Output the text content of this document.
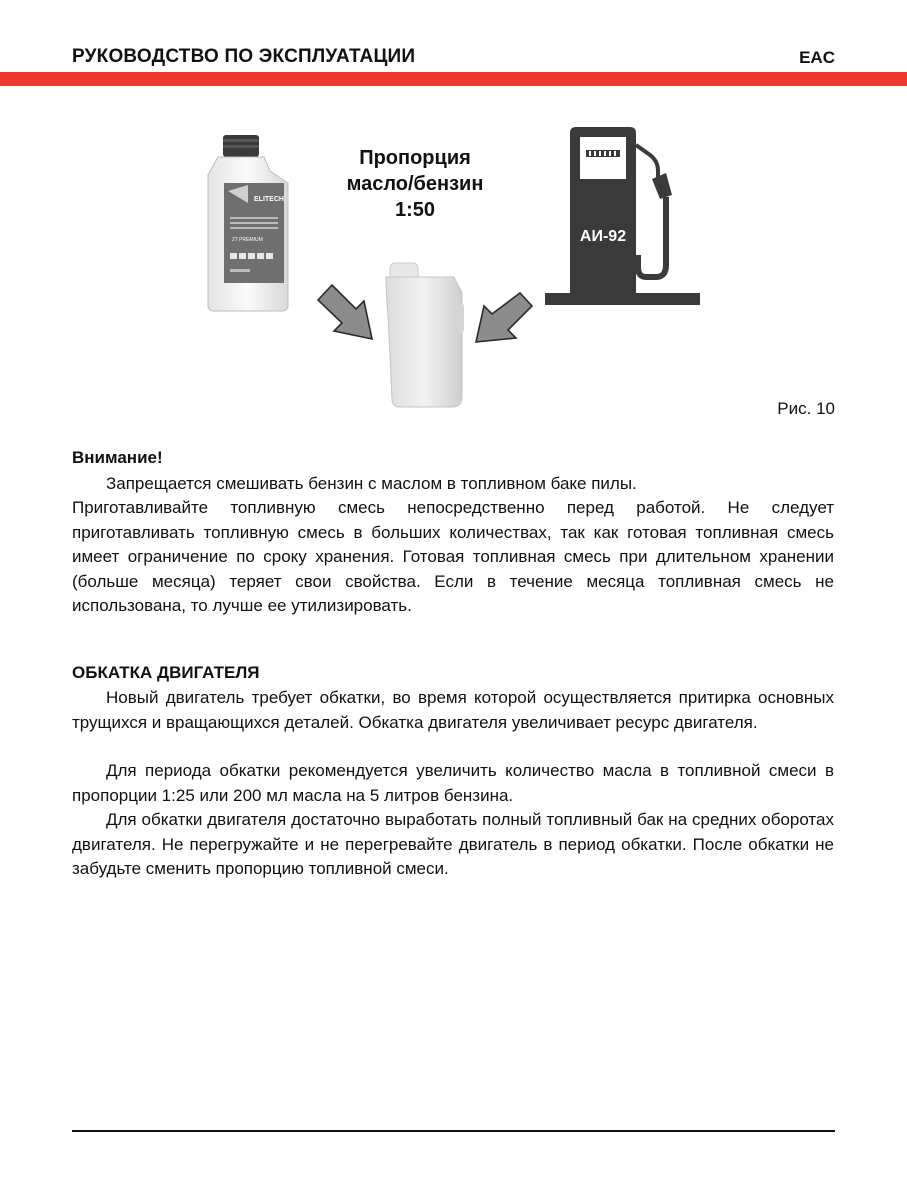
РУКОВОДСТВО ПО ЭКСПЛУАТАЦИИ	EAC
ELITECH
2T PREMIUM	АИ-92
Пропорция
масло/бензин
1:50
Рис. 10
Внимание!

Запрещается смешивать бензин с маслом в топливном баке пилы.

Приготавливайте топливную смесь непосредственно перед работой. Не следует приготавливать топливную смесь в больших количествах, так как готовая топливная смесь имеет ограничение по сроку хранения. Готовая топливная смесь при длительном хранении (больше месяца) теряет свои свойства. Если в течение месяца топливная смесь не использована, то лучше ее утилизировать.

ОБКАТКА ДВИГАТЕЛЯ

Новый двигатель требует обкатки, во время которой осуществляется притирка основных трущихся и вращающихся деталей. Обкатка двигателя увеличивает ресурс двигателя.

Для периода обкатки рекомендуется увеличить количество масла в топливной смеси в пропорции 1:25 или 200 мл масла на 5 литров бензина.

Для обкатки двигателя достаточно выработать полный топливный бак на средних оборотах двигателя. Не перегружайте и не перегревайте двигатель в период обкатки. После обкатки не забудьте сменить пропорцию топливной смеси.
